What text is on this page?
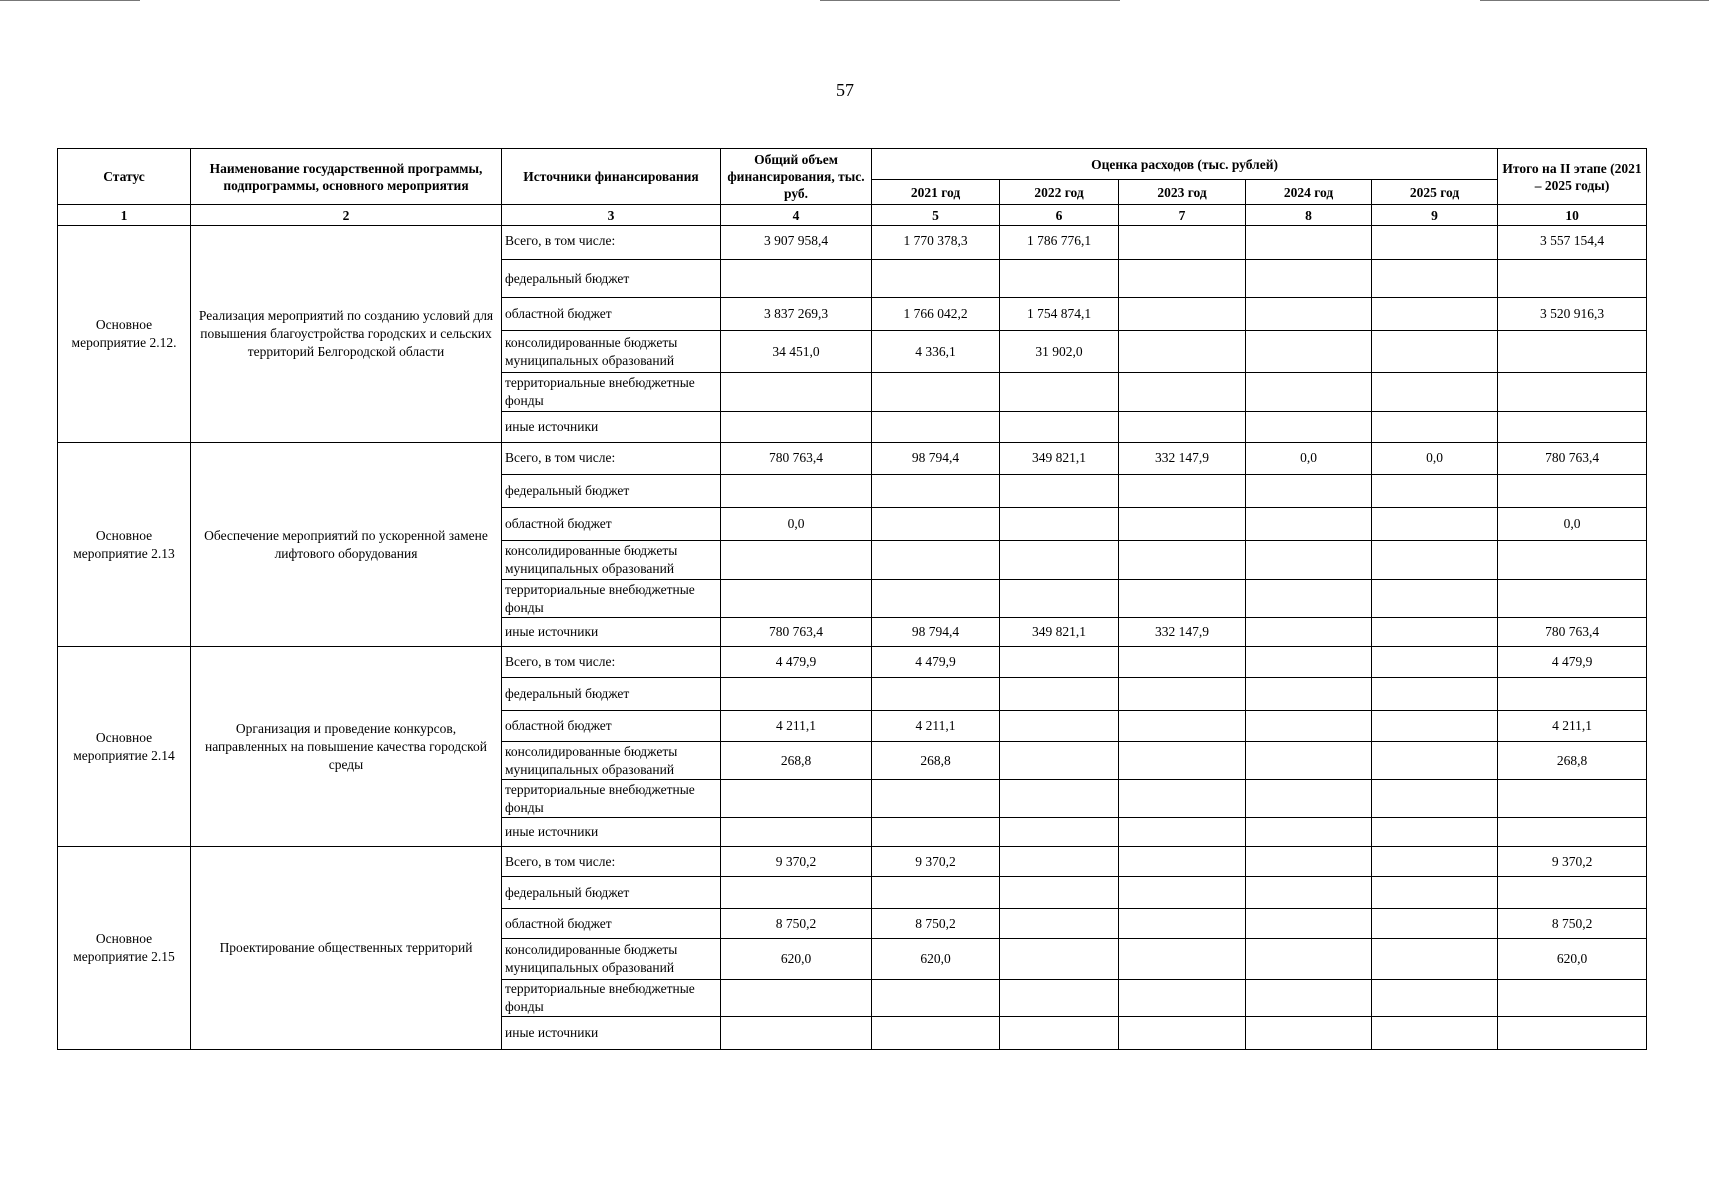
57
Статус	Наименование государственной программы, подпрограммы, основного мероприятия	Источники финансирования	Общий объем финансирования, тыс. руб.	Оценка расходов (тыс. рублей)					Итого на II этапе (2021 – 2025 годы)
				2021 год	2022 год	2023 год	2024 год	2025 год	
1	2	3	4	5	6	7	8	9	10
Основное мероприятие 2.12.	Реализация мероприятий по созданию условий для повышения благоустройства городских и сельских территорий Белгородской области	Всего, в том числе:	3 907 958,4	1 770 378,3	1 786 776,1				3 557 154,4
		федеральный бюджет							
		областной бюджет	3 837 269,3	1 766 042,2	1 754 874,1				3 520 916,3
		консолидированные бюджеты муниципальных образований	34 451,0	4 336,1	31 902,0				
		территориальные внебюджетные фонды							
		иные источники							
Основное мероприятие 2.13	Обеспечение мероприятий по ускоренной замене лифтового оборудования	Всего, в том числе:	780 763,4	98 794,4	349 821,1	332 147,9	0,0	0,0	780 763,4
		федеральный бюджет							
		областной бюджет	0,0						0,0
		консолидированные бюджеты муниципальных образований							
		территориальные внебюджетные фонды							
		иные источники	780 763,4	98 794,4	349 821,1	332 147,9			780 763,4
Основное мероприятие 2.14	Организация и проведение конкурсов, направленных на повышение качества городской среды	Всего, в том числе:	4 479,9	4 479,9					4 479,9
		федеральный бюджет							
		областной бюджет	4 211,1	4 211,1					4 211,1
		консолидированные бюджеты муниципальных образований	268,8	268,8					268,8
		территориальные внебюджетные фонды							
		иные источники							
Основное мероприятие 2.15	Проектирование общественных территорий	Всего, в том числе:	9 370,2	9 370,2					9 370,2
		федеральный бюджет							
		областной бюджет	8 750,2	8 750,2					8 750,2
		консолидированные бюджеты муниципальных образований	620,0	620,0					620,0
		территориальные внебюджетные фонды							
		иные источники							
